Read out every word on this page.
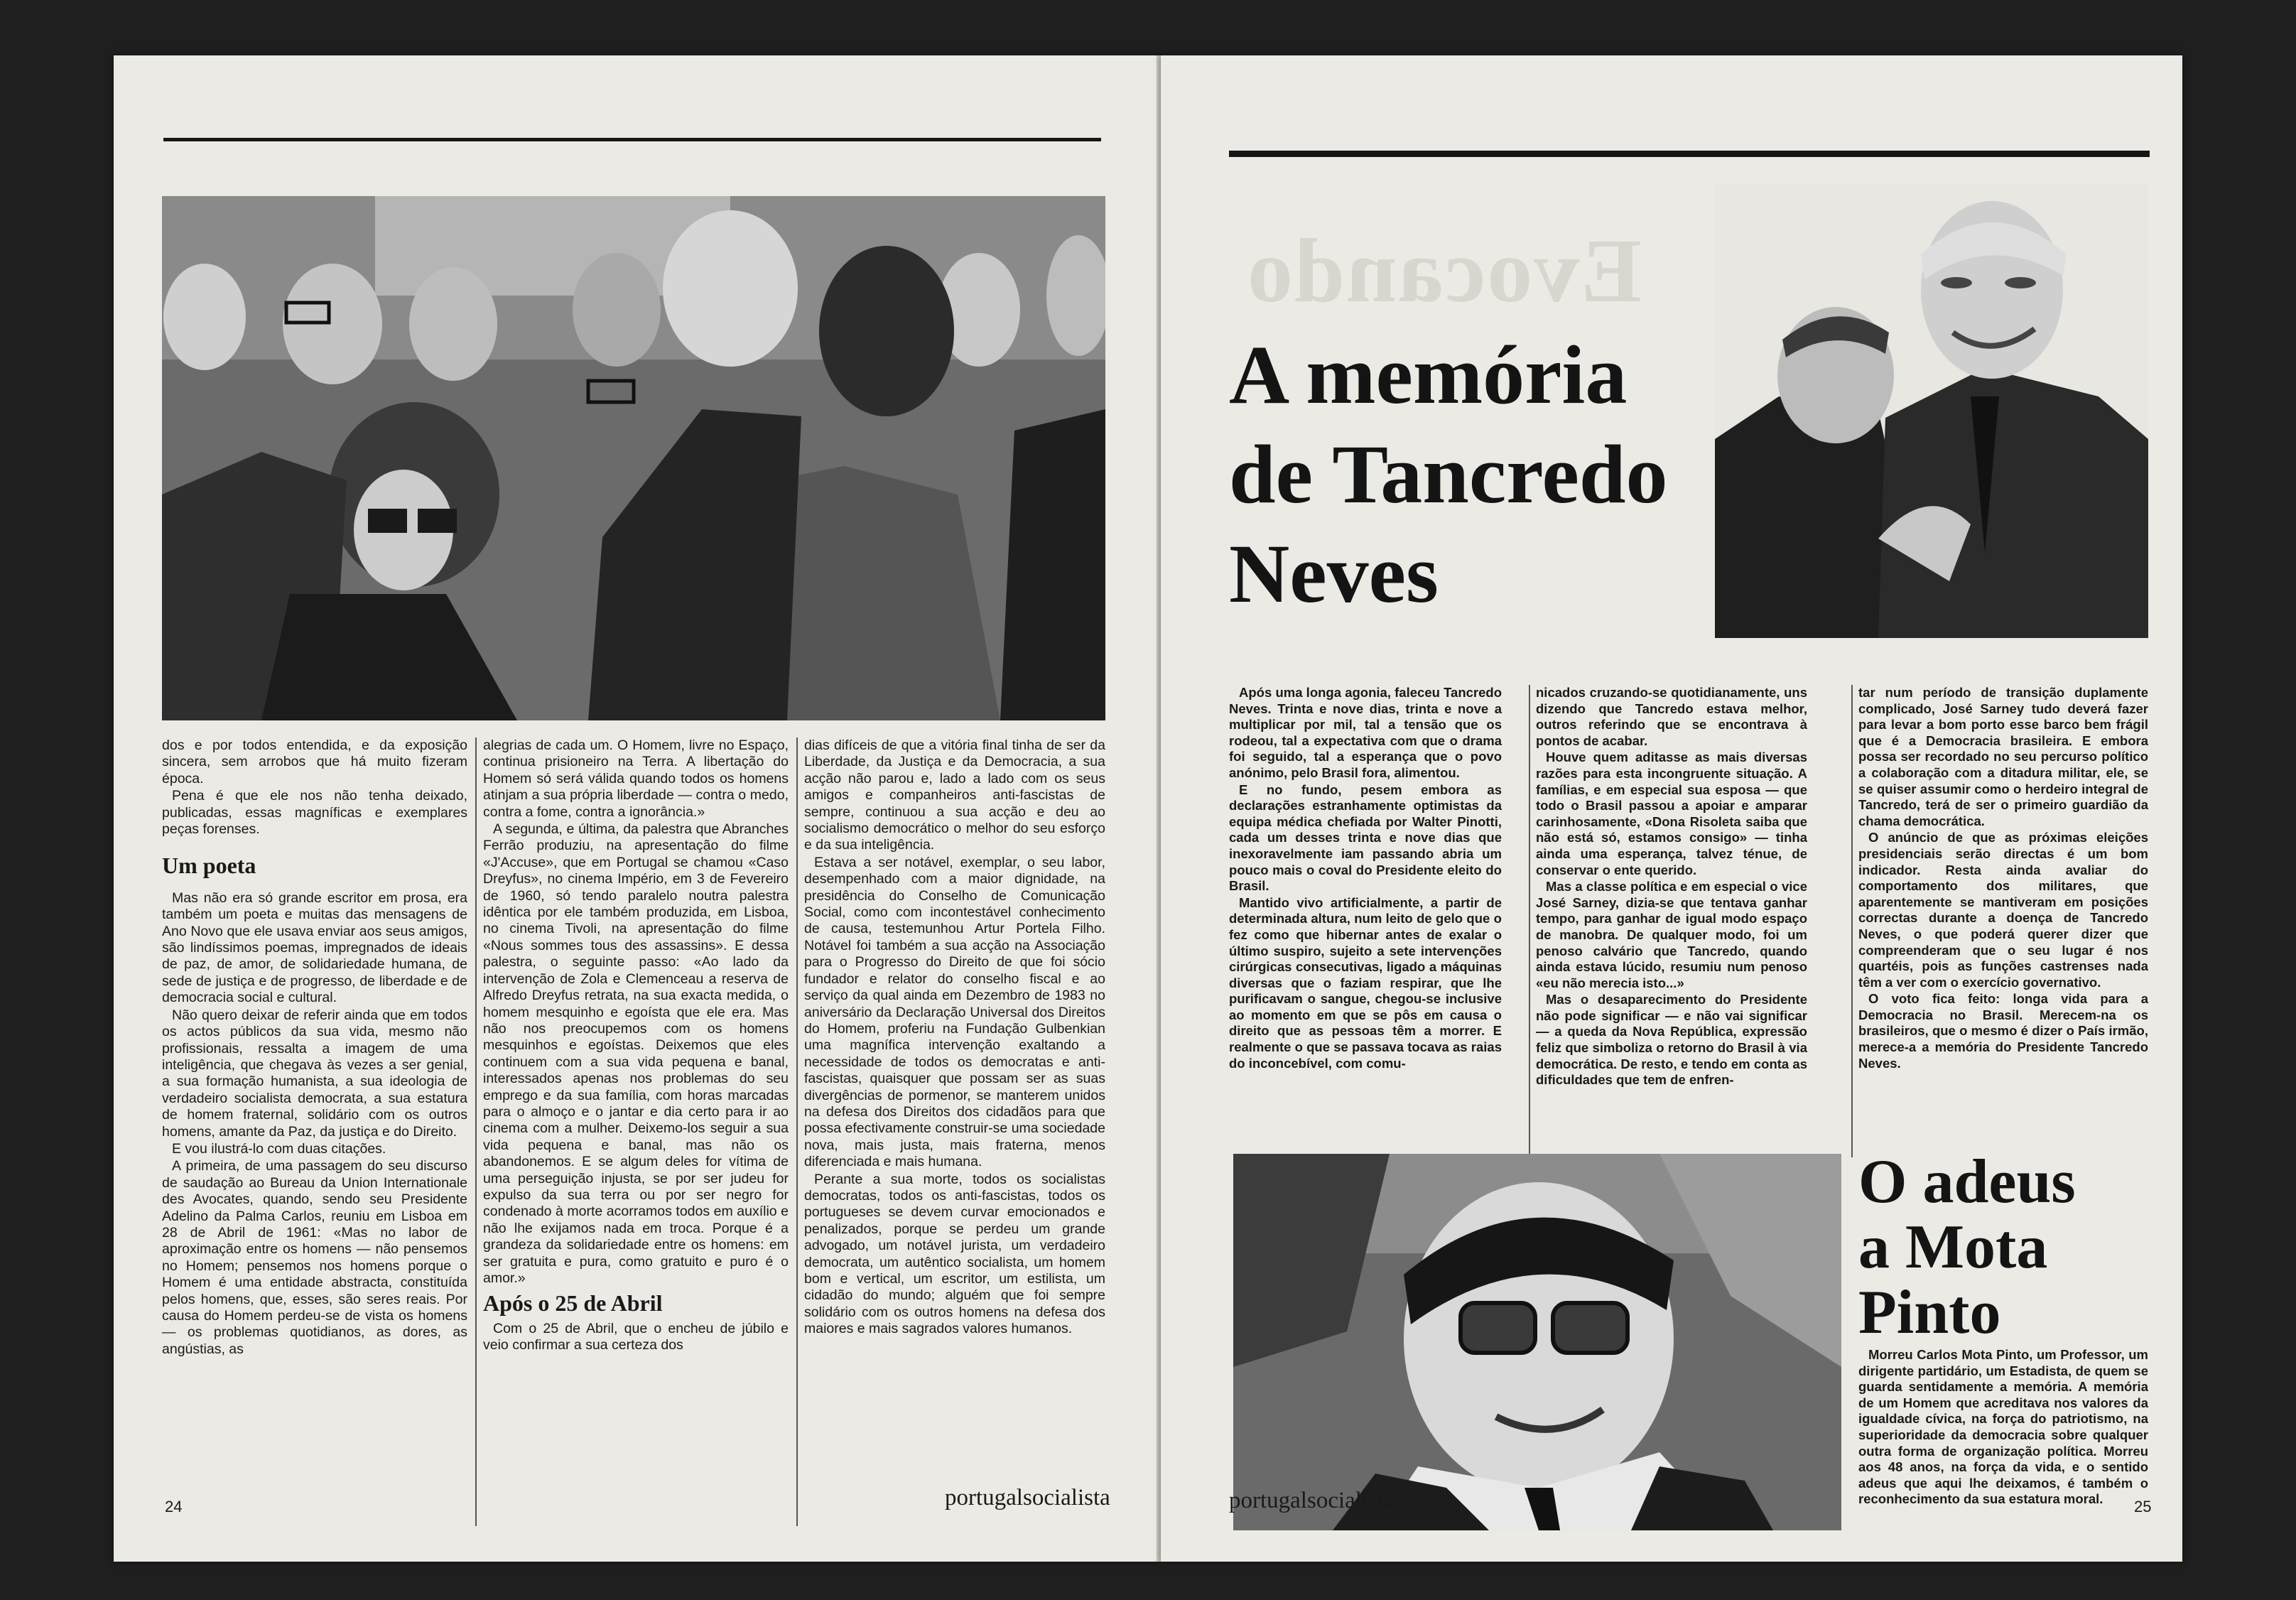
dos e por todos entendida, e da exposição sincera, sem arrobos que há muito fizeram época.

Pena é que ele nos não tenha deixado, publicadas, essas magníficas e exemplares peças forenses.

Um poeta

Mas não era só grande escritor em prosa, era também um poeta e muitas das mensagens de Ano Novo que ele usava enviar aos seus amigos, são lindíssimos poemas, impregnados de ideais de paz, de amor, de solidariedade humana, de sede de justiça e de progresso, de liberdade e de democracia social e cultural.

Não quero deixar de referir ainda que em todos os actos públicos da sua vida, mesmo não profissionais, ressalta a imagem de uma inteligência, que chegava às vezes a ser genial, a sua formação humanista, a sua ideologia de verdadeiro socialista democrata, a sua estatura de homem fraternal, solidário com os outros homens, amante da Paz, da justiça e do Direito.

E vou ilustrá-lo com duas citações.

A primeira, de uma passagem do seu discurso de saudação ao Bureau da Union Internationale des Avocates, quando, sendo seu Presidente Adelino da Palma Carlos, reuniu em Lisboa em 28 de Abril de 1961: «Mas no labor de aproximação entre os homens — não pensemos no Homem; pensemos nos homens porque o Homem é uma entidade abstracta, constituída pelos homens, que, esses, são seres reais. Por causa do Homem perdeu-se de vista os homens — os problemas quotidianos, as dores, as angústias, as

alegrias de cada um. O Homem, livre no Espaço, continua prisioneiro na Terra. A libertação do Homem só será válida quando todos os homens atinjam a sua própria liberdade — contra o medo, contra a fome, contra a ignorância.»

A segunda, e última, da palestra que Abranches Ferrão produziu, na apresentação do filme «J'Accuse», que em Portugal se chamou «Caso Dreyfus», no cinema Império, em 3 de Fevereiro de 1960, só tendo paralelo noutra palestra idêntica por ele também produzida, em Lisboa, no cinema Tivoli, na apresentação do filme «Nous sommes tous des assassins». E dessa palestra, o seguinte passo: «Ao lado da intervenção de Zola e Clemenceau a reserva de Alfredo Dreyfus retrata, na sua exacta medida, o homem mesquinho e egoísta que ele era. Mas não nos preocupemos com os homens mesquinhos e egoístas. Deixemos que eles continuem com a sua vida pequena e banal, interessados apenas nos problemas do seu emprego e da sua família, com horas marcadas para o almoço e o jantar e dia certo para ir ao cinema com a mulher. Deixemo-los seguir a sua vida pequena e banal, mas não os abandonemos. E se algum deles for vítima de uma perseguição injusta, se por ser judeu for expulso da sua terra ou por ser negro for condenado à morte acorramos todos em auxílio e não lhe exijamos nada em troca. Porque é a grandeza da solidariedade entre os homens: em ser gratuita e pura, como gratuito e puro é o amor.»

Após o 25 de Abril

Com o 25 de Abril, que o encheu de júbilo e veio confirmar a sua certeza dos

dias difíceis de que a vitória final tinha de ser da Liberdade, da Justiça e da Democracia, a sua acção não parou e, lado a lado com os seus amigos e companheiros anti-fascistas de sempre, continuou a sua acção e deu ao socialismo democrático o melhor do seu esforço e da sua inteligência.

Estava a ser notável, exemplar, o seu labor, desempenhado com a maior dignidade, na presidência do Conselho de Comunicação Social, como com incontestável conhecimento de causa, testemunhou Artur Portela Filho. Notável foi também a sua acção na Associação para o Progresso do Direito de que foi sócio fundador e relator do conselho fiscal e ao serviço da qual ainda em Dezembro de 1983 no aniversário da Declaração Universal dos Direitos do Homem, proferiu na Fundação Gulbenkian uma magnífica intervenção exaltando a necessidade de todos os democratas e anti-fascistas, quaisquer que possam ser as suas divergências de pormenor, se manterem unidos na defesa dos Direitos dos cidadãos para que possa efectivamente construir-se uma sociedade nova, mais justa, mais fraterna, menos diferenciada e mais humana.

Perante a sua morte, todos os socialistas democratas, todos os anti-fascistas, todos os portugueses se devem curvar emocionados e penalizados, porque se perdeu um grande advogado, um notável jurista, um verdadeiro democrata, um autêntico socialista, um homem bom e vertical, um escritor, um estilista, um cidadão do mundo; alguém que foi sempre solidário com os outros homens na defesa dos maiores e mais sagrados valores humanos.

24	portugalsocialista
Evocando
A memória
de Tancredo
Neves

Após uma longa agonia, faleceu Tancredo Neves. Trinta e nove dias, trinta e nove a multiplicar por mil, tal a tensão que os rodeou, tal a expectativa com que o drama foi seguido, tal a esperança que o povo anónimo, pelo Brasil fora, alimentou.

E no fundo, pesem embora as declarações estranhamente optimistas da equipa médica chefiada por Walter Pinotti, cada um desses trinta e nove dias que inexoravelmente iam passando abria um pouco mais o coval do Presidente eleito do Brasil.

Mantido vivo artificialmente, a partir de determinada altura, num leito de gelo que o fez como que hibernar antes de exalar o último suspiro, sujeito a sete intervenções cirúrgicas consecutivas, ligado a máquinas diversas que o faziam respirar, que lhe purificavam o sangue, chegou-se inclusive ao momento em que se pôs em causa o direito que as pessoas têm a morrer. E realmente o que se passava tocava as raias do inconcebível, com comu-

nicados cruzando-se quotidianamente, uns dizendo que Tancredo estava melhor, outros referindo que se encontrava à pontos de acabar.

Houve quem aditasse as mais diversas razões para esta incongruente situação. A famílias, e em especial sua esposa — que todo o Brasil passou a apoiar e amparar carinhosamente, «Dona Risoleta saiba que não está só, estamos consigo» — tinha ainda uma esperança, talvez ténue, de conservar o ente querido.

Mas a classe política e em especial o vice José Sarney, dizia-se que tentava ganhar tempo, para ganhar de igual modo espaço de manobra. De qualquer modo, foi um penoso calvário que Tancredo, quando ainda estava lúcido, resumiu num penoso «eu não merecia isto...»

Mas o desaparecimento do Presidente não pode significar — e não vai significar — a queda da Nova República, expressão feliz que simboliza o retorno do Brasil à via democrática. De resto, e tendo em conta as dificuldades que tem de enfren-

tar num período de transição duplamente complicado, José Sarney tudo deverá fazer para levar a bom porto esse barco bem frágil que é a Democracia brasileira. E embora possa ser recordado no seu percurso político a colaboração com a ditadura militar, ele, se se quiser assumir como o herdeiro integral de Tancredo, terá de ser o primeiro guardião da chama democrática.

O anúncio de que as próximas eleições presidenciais serão directas é um bom indicador. Resta ainda avaliar do comportamento dos militares, que aparentemente se mantiveram em posições correctas durante a doença de Tancredo Neves, o que poderá querer dizer que compreenderam que o seu lugar é nos quartéis, pois as funções castrenses nada têm a ver com o exercício governativo.

O voto fica feito: longa vida para a Democracia no Brasil. Merecem-na os brasileiros, que o mesmo é dizer o País irmão, merece-a a memória do Presidente Tancredo Neves.

O adeus
a Mota
Pinto

Morreu Carlos Mota Pinto, um Professor, um dirigente partidário, um Estadista, de quem se guarda sentidamente a memória. A memória de um Homem que acreditava nos valores da igualdade cívica, na força do patriotismo, na superioridade da democracia sobre qualquer outra forma de organização política. Morreu aos 48 anos, na força da vida, e o sentido adeus que aqui lhe deixamos, é também o reconhecimento da sua estatura moral.

portugalsocialista	25
